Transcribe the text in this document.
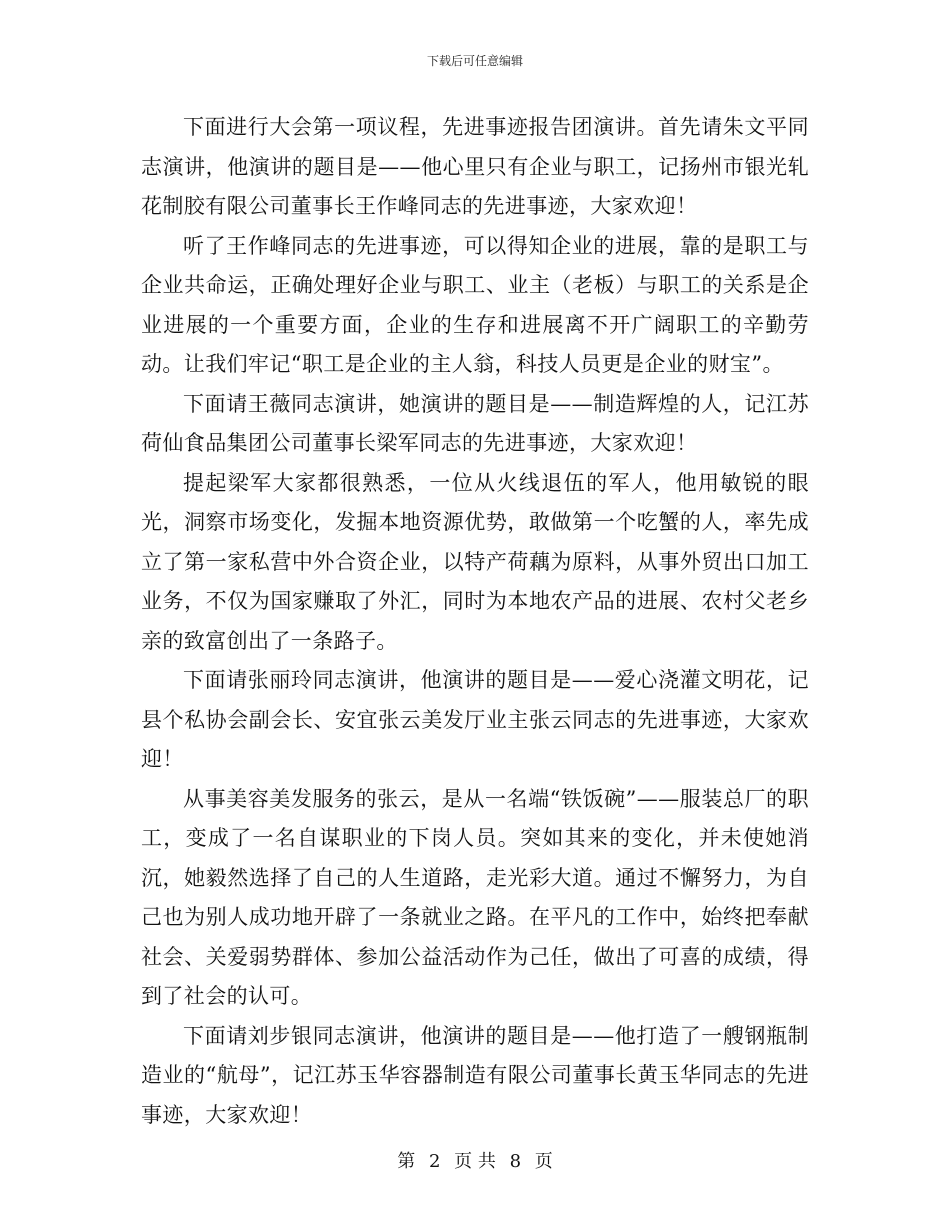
下载后可任意编辑

下面进行大会第一项议程，先进事迹报告团演讲。首先请朱文平同志演讲，他演讲的题目是——他心里只有企业与职工，记扬州市银光轧花制胶有限公司董事长王作峰同志的先进事迹，大家欢迎！

听了王作峰同志的先进事迹，可以得知企业的进展，靠的是职工与企业共命运，正确处理好企业与职工、业主（老板）与职工的关系是企业进展的一个重要方面，企业的生存和进展离不开广阔职工的辛勤劳动。让我们牢记“职工是企业的主人翁，科技人员更是企业的财宝”。

下面请王薇同志演讲，她演讲的题目是——制造辉煌的人，记江苏荷仙食品集团公司董事长梁军同志的先进事迹，大家欢迎！

提起梁军大家都很熟悉，一位从火线退伍的军人，他用敏锐的眼光，洞察市场变化，发掘本地资源优势，敢做第一个吃蟹的人，率先成立了第一家私营中外合资企业，以特产荷藕为原料，从事外贸出口加工业务，不仅为国家赚取了外汇，同时为本地农产品的进展、农村父老乡亲的致富创出了一条路子。

下面请张丽玲同志演讲，他演讲的题目是——爱心浇灌文明花，记县个私协会副会长、安宜张云美发厅业主张云同志的先进事迹，大家欢迎！

从事美容美发服务的张云，是从一名端“铁饭碗”——服装总厂的职工，变成了一名自谋职业的下岗人员。突如其来的变化，并未使她消沉，她毅然选择了自己的人生道路，走光彩大道。通过不懈努力，为自己也为别人成功地开辟了一条就业之路。在平凡的工作中，始终把奉献社会、关爱弱势群体、参加公益活动作为己任，做出了可喜的成绩，得到了社会的认可。

下面请刘步银同志演讲，他演讲的题目是——他打造了一艘钢瓶制造业的“航母”，记江苏玉华容器制造有限公司董事长黄玉华同志的先进事迹，大家欢迎！

第 2 页 共 8 页
